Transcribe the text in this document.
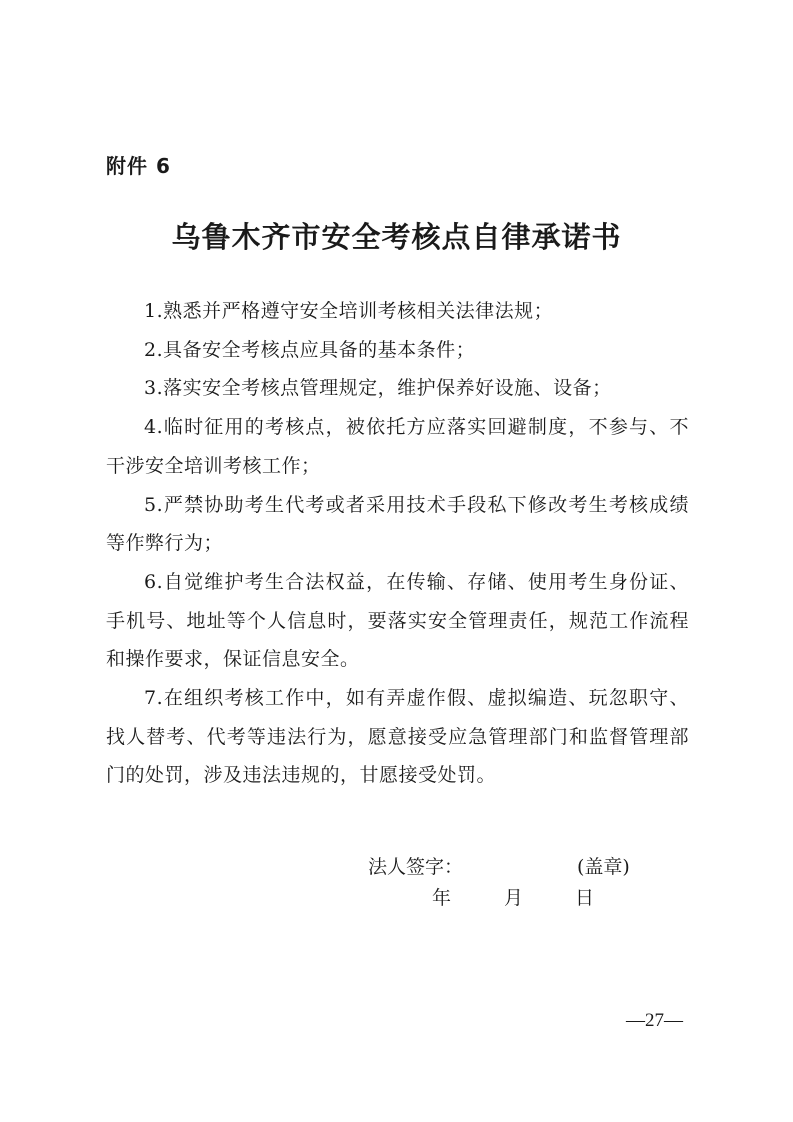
附件 6
乌鲁木齐市安全考核点自律承诺书

1.熟悉并严格遵守安全培训考核相关法律法规；

2.具备安全考核点应具备的基本条件；

3.落实安全考核点管理规定，维护保养好设施、设备；

4.临时征用的考核点，被依托方应落实回避制度，不参与、不干涉安全培训考核工作；

5.严禁协助考生代考或者采用技术手段私下修改考生考核成绩等作弊行为；

6.自觉维护考生合法权益，在传输、存储、使用考生身份证、手机号、地址等个人信息时，要落实安全管理责任，规范工作流程和操作要求，保证信息安全。

7.在组织考核工作中，如有弄虚作假、虚拟编造、玩忽职守、找人替考、代考等违法行为，愿意接受应急管理部门和监督管理部门的处罚，涉及违法违规的，甘愿接受处罚。

法人签字：	(盖章)
年	月	日
—27—
